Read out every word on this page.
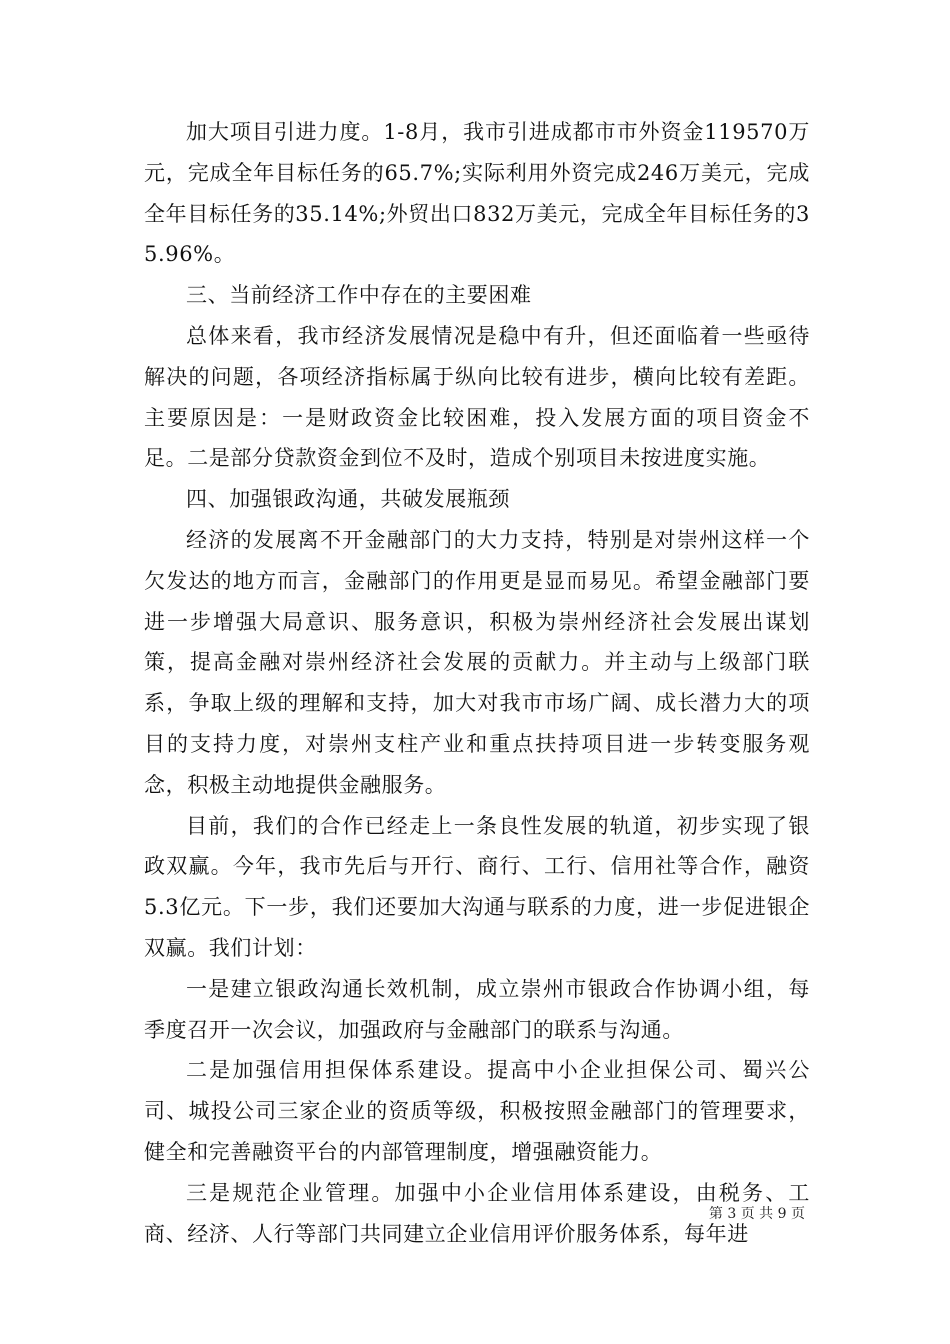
加大项目引进力度。1-8月，我市引进成都市市外资金119570万元，完成全年目标任务的65.7%;实际利用外资完成246万美元，完成全年目标任务的35.14%;外贸出口832万美元，完成全年目标任务的35.96%。

三、当前经济工作中存在的主要困难

总体来看，我市经济发展情况是稳中有升，但还面临着一些亟待解决的问题，各项经济指标属于纵向比较有进步，横向比较有差距。主要原因是：一是财政资金比较困难，投入发展方面的项目资金不足。二是部分贷款资金到位不及时，造成个别项目未按进度实施。

四、加强银政沟通，共破发展瓶颈

经济的发展离不开金融部门的大力支持，特别是对崇州这样一个欠发达的地方而言，金融部门的作用更是显而易见。希望金融部门要进一步增强大局意识、服务意识，积极为崇州经济社会发展出谋划策，提高金融对崇州经济社会发展的贡献力。并主动与上级部门联系，争取上级的理解和支持，加大对我市市场广阔、成长潜力大的项目的支持力度，对崇州支柱产业和重点扶持项目进一步转变服务观念，积极主动地提供金融服务。

目前，我们的合作已经走上一条良性发展的轨道，初步实现了银政双赢。今年，我市先后与开行、商行、工行、信用社等合作，融资5.3亿元。下一步，我们还要加大沟通与联系的力度，进一步促进银企双赢。我们计划：

一是建立银政沟通长效机制，成立崇州市银政合作协调小组，每季度召开一次会议，加强政府与金融部门的联系与沟通。

二是加强信用担保体系建设。提高中小企业担保公司、蜀兴公司、城投公司三家企业的资质等级，积极按照金融部门的管理要求，健全和完善融资平台的内部管理制度，增强融资能力。

三是规范企业管理。加强中小企业信用体系建设，由税务、工商、经济、人行等部门共同建立企业信用评价服务体系，每年进

第 3 页 共 9 页
